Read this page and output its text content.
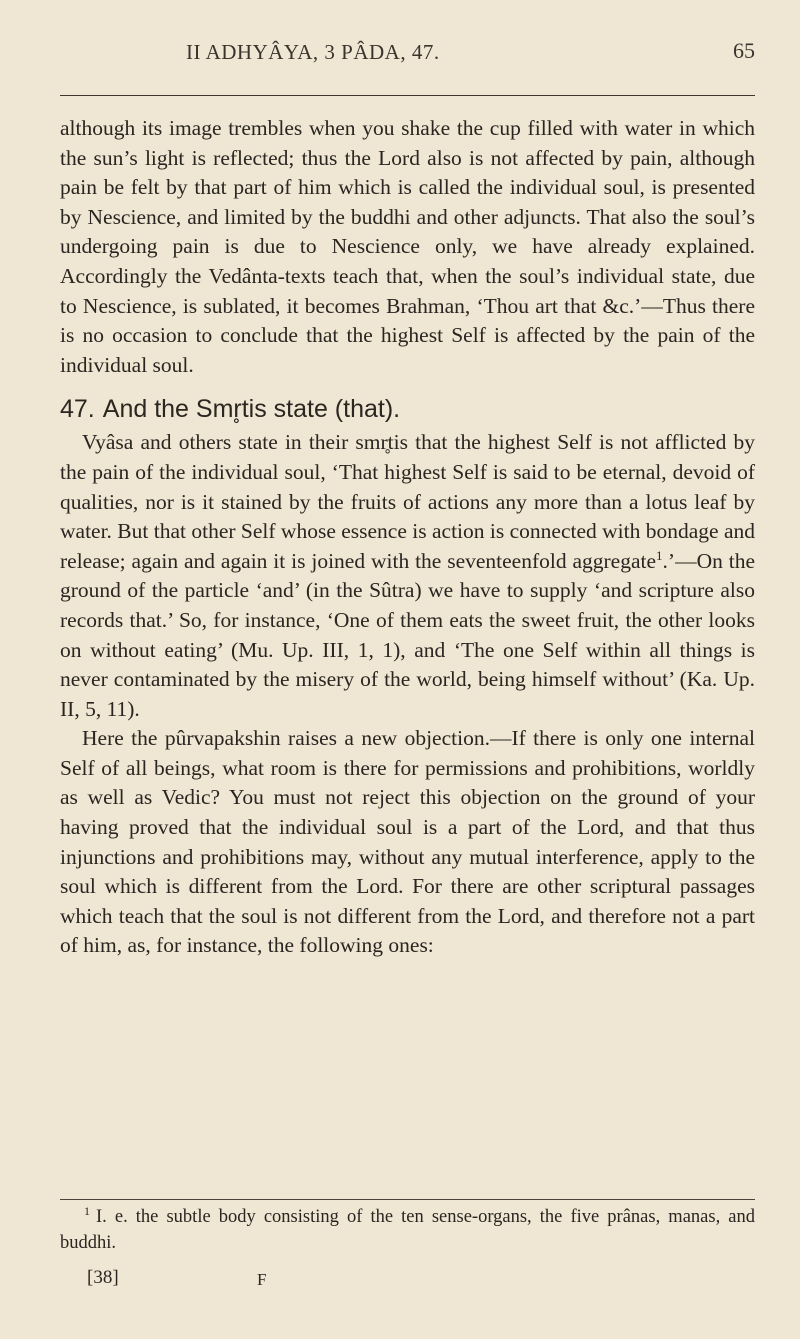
II ADHYÂYA, 3 PÂDA, 47.	65

although its image trembles when you shake the cup filled with water in which the sun’s light is reflected; thus the Lord also is not affected by pain, although pain be felt by that part of him which is called the individual soul, is presented by Nescience, and limited by the buddhi and other adjuncts. That also the soul’s undergoing pain is due to Nescience only, we have already explained. Accordingly the Vedânta-texts teach that, when the soul’s individual state, due to Nescience, is sublated, it becomes Brahman, ‘Thou art that &c.’—Thus there is no occasion to conclude that the highest Self is affected by the pain of the individual soul.

47. And the Smr̥tis state (that).

Vyâsa and others state in their smr̥tis that the highest Self is not afflicted by the pain of the individual soul, ‘That highest Self is said to be eternal, devoid of qualities, nor is it stained by the fruits of actions any more than a lotus leaf by water. But that other Self whose essence is action is connected with bondage and release; again and again it is joined with the seventeenfold aggregate$^1$.’—On the ground of the particle ‘and’ (in the Sûtra) we have to supply ‘and scripture also records that.’ So, for instance, ‘One of them eats the sweet fruit, the other looks on without eating’ (Mu. Up. III, 1, 1), and ‘The one Self within all things is never contaminated by the misery of the world, being himself without’ (Ka. Up. II, 5, 11).

Here the pûrvapakshin raises a new objection.—If there is only one internal Self of all beings, what room is there for permissions and prohibitions, worldly as well as Vedic? You must not reject this objection on the ground of your having proved that the individual soul is a part of the Lord, and that thus injunctions and prohibitions may, without any mutual interference, apply to the soul which is different from the Lord. For there are other scriptural passages which teach that the soul is not different from the Lord, and therefore not a part of him, as, for instance, the following ones:

$^1$ I. e. the subtle body consisting of the ten sense-organs, the five prânas, manas, and buddhi.
[38]	F
